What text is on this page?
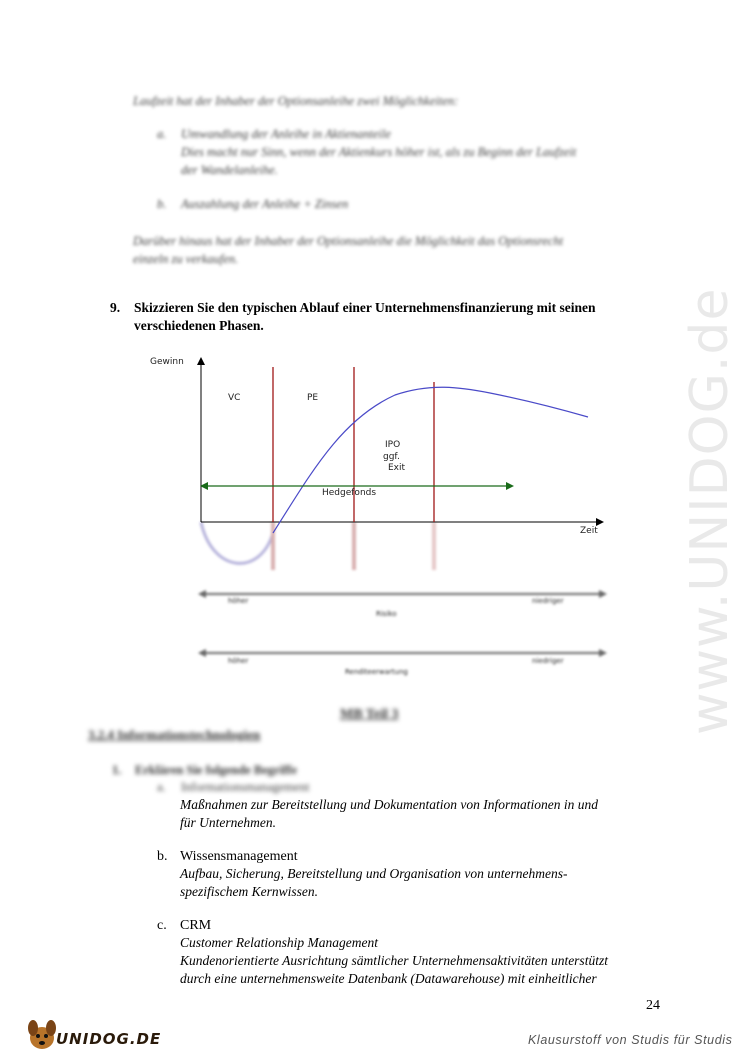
www.UNIDOG.de
Laufzeit hat der Inhaber der Optionsanleihe zwei Möglichkeiten:
a. Umwandlung der Anleihe in Aktienanteile
Dies macht nur Sinn, wenn der Aktienkurs höher ist, als zu Beginn der Laufzeit
der Wandelanleihe.
b. Auszahlung der Anleihe + Zinsen
Darüber hinaus hat der Inhaber der Optionsanleihe die Möglichkeit das Optionsrecht
einzeln zu verkaufen.
9. Skizzieren Sie den typischen Ablauf einer Unternehmensfinanzierung mit seinen
verschiedenen Phasen.
Gewinn
Zeit
VC	PE
IPO
ggf.
Exit
Hedgefonds
höher	niedriger
Risiko
höher	niedriger
Renditeerwartung
MB Teil 3
3.2.4 Informationstechnologien
1. Erklären Sie folgende Begriffe
a. Informationsmanagement
Maßnahmen zur Bereitstellung und Dokumentation von Informationen in und
für Unternehmen.
b. Wissensmanagement
Aufbau, Sicherung, Bereitstellung und Organisation von unternehmens-
spezifischem Kernwissen.
c. CRM
Customer Relationship Management
Kundenorientierte Ausrichtung sämtlicher Unternehmensaktivitäten unterstützt
durch eine unternehmensweite Datenbank (Datawarehouse) mit einheitlicher
24
UNIDOG.DE	Klausurstoff von Studis für Studis
